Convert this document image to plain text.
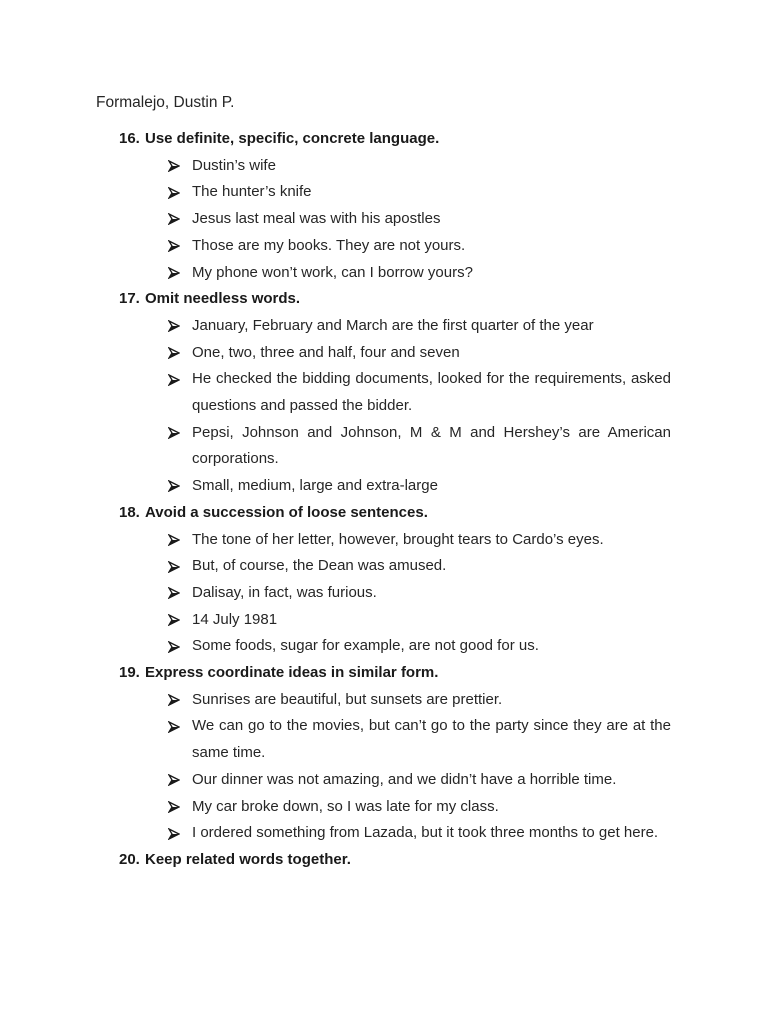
Formalejo, Dustin P.
16. Use definite, specific, concrete language.
Dustin’s wife
The hunter’s knife
Jesus last meal was with his apostles
Those are my books. They are not yours.
My phone won’t work, can I borrow yours?
17. Omit needless words.
January, February and March are the first quarter of the year
One, two, three and half, four and seven
He checked the bidding documents, looked for the requirements, asked questions and passed the bidder.
Pepsi, Johnson and Johnson, M & M and Hershey’s are American corporations.
Small, medium, large and extra-large
18. Avoid a succession of loose sentences.
The tone of her letter, however, brought tears to Cardo’s eyes.
But, of course, the Dean was amused.
Dalisay, in fact, was furious.
14 July 1981
Some foods, sugar for example, are not good for us.
19. Express coordinate ideas in similar form.
Sunrises are beautiful, but sunsets are prettier.
We can go to the movies, but can’t go to the party since they are at the same time.
Our dinner was not amazing, and we didn’t have a horrible time.
My car broke down, so I was late for my class.
I ordered something from Lazada, but it took three months to get here.
20. Keep related words together.
